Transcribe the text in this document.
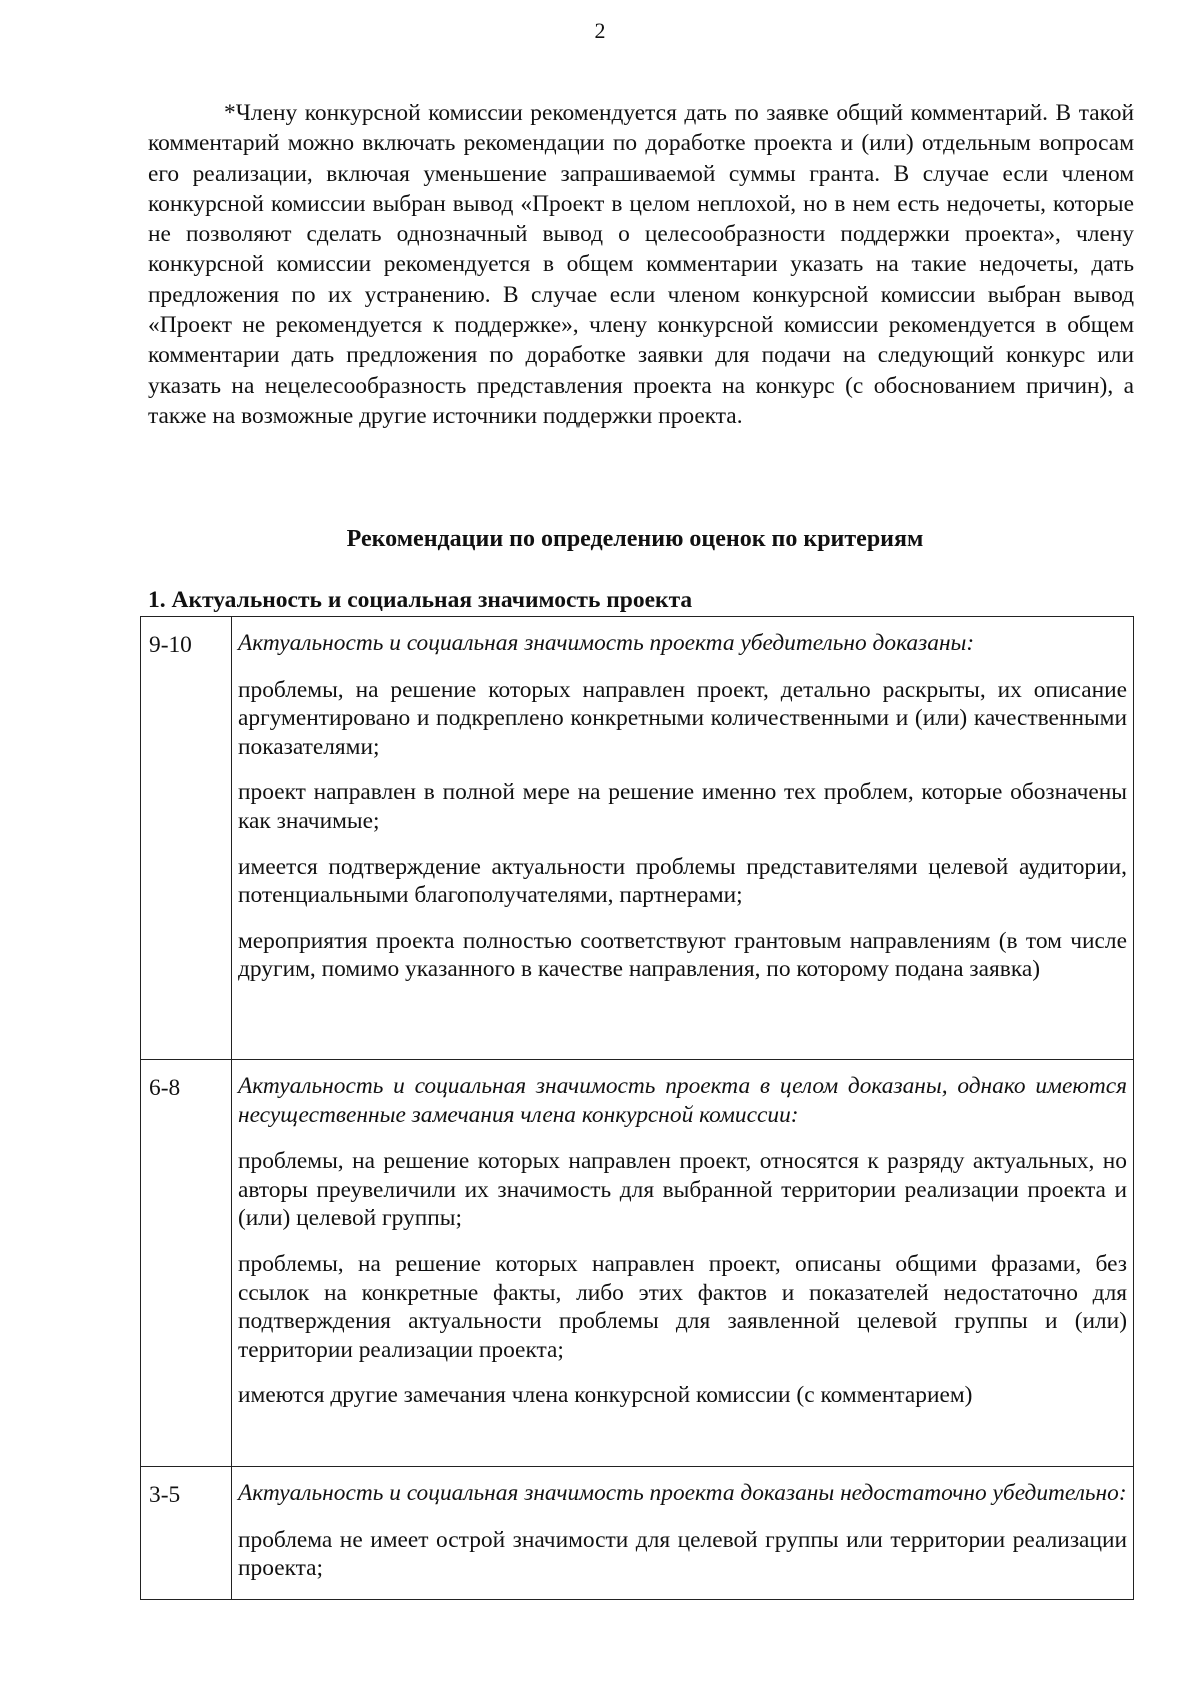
2

*Члену конкурсной комиссии рекомендуется дать по заявке общий комментарий. В такой комментарий можно включать рекомендации по доработке проекта и (или) отдельным вопросам его реализации, включая уменьшение запрашиваемой суммы гранта. В случае если членом конкурсной комиссии выбран вывод «Проект в целом неплохой, но в нем есть недочеты, которые не позволяют сделать однозначный вывод о целесообразности поддержки проекта», члену конкурсной комиссии рекомендуется в общем комментарии указать на такие недочеты, дать предложения по их устранению. В случае если членом конкурсной комиссии выбран вывод «Проект не рекомендуется к поддержке», члену конкурсной комиссии рекомендуется в общем комментарии дать предложения по доработке заявки для подачи на следующий конкурс или указать на нецелесообразность представления проекта на конкурс (с обоснованием причин), а также на возможные другие источники поддержки проекта.

Рекомендации по определению оценок по критериям
1. Актуальность и социальная значимость проекта
9-10	Актуальность и социальная значимость проекта убедительно доказаны:

проблемы, на решение которых направлен проект, детально раскрыты, их описание аргументировано и подкреплено конкретными количественными и (или) качественными показателями;

проект направлен в полной мере на решение именно тех проблем, которые обозначены как значимые;

имеется подтверждение актуальности проблемы представителями целевой аудитории, потенциальными благополучателями, партнерами;

мероприятия проекта полностью соответствуют грантовым направлениям (в том числе другим, помимо указанного в качестве направления, по которому подана заявка)

6-8	Актуальность и социальная значимость проекта в целом доказаны, однако имеются несущественные замечания члена конкурсной комиссии:

проблемы, на решение которых направлен проект, относятся к разряду актуальных, но авторы преувеличили их значимость для выбранной территории реализации проекта и (или) целевой группы;

проблемы, на решение которых направлен проект, описаны общими фразами, без ссылок на конкретные факты, либо этих фактов и показателей недостаточно для подтверждения актуальности проблемы для заявленной целевой группы и (или) территории реализации проекта;

имеются другие замечания члена конкурсной комиссии (с комментарием)

3-5	Актуальность и социальная значимость проекта доказаны недостаточно убедительно:

проблема не имеет острой значимости для целевой группы или территории реализации проекта;
